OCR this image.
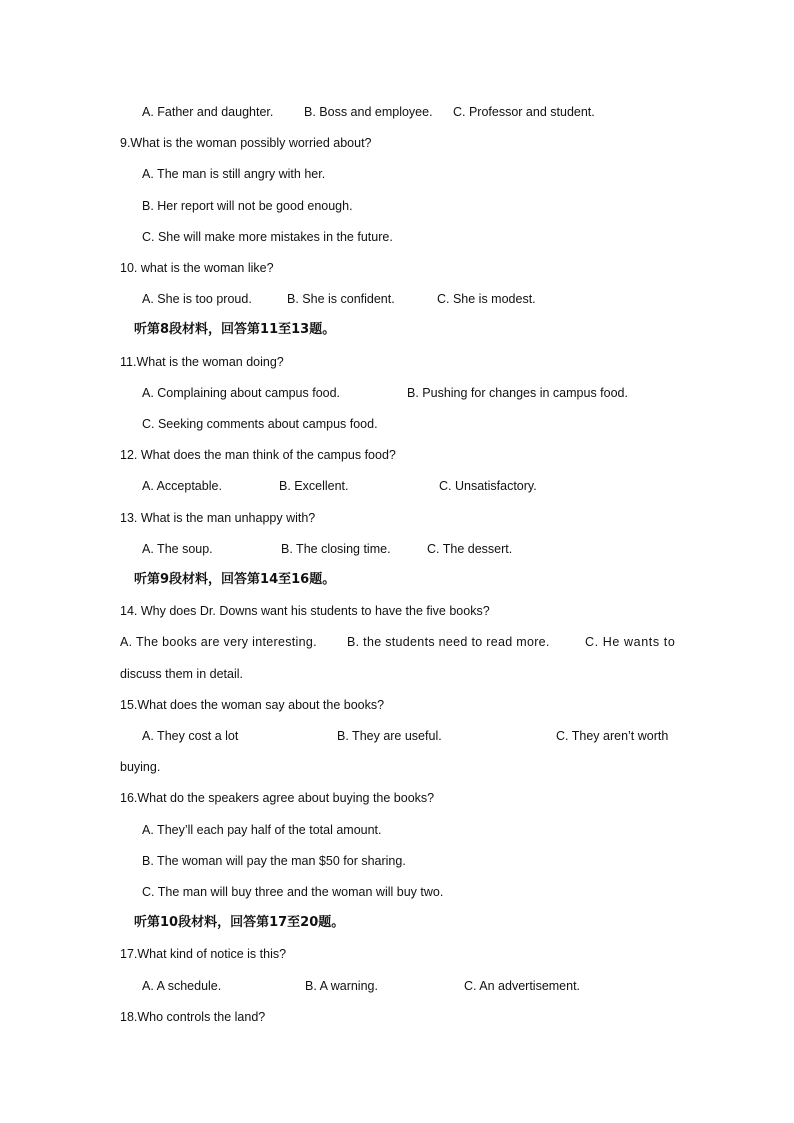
A. Father and daughter. B. Boss and employee. C. Professor and student.
9.What is the woman possibly worried about?
A. The man is still angry with her.
B. Her report will not be good enough.
C. She will make more mistakes in the future.
10. what is the woman like?
A. She is too proud.	B. She is confident.	C. She is modest.
听第8段材料，回答第11至13题。
11.What is the woman doing?
A. Complaining about campus food.	B. Pushing for changes in campus food.
C. Seeking comments about campus food.
12. What does the man think of the campus food?
A. Acceptable.	B. Excellent.	C. Unsatisfactory.
13. What is the man unhappy with?
A. The soup.	B. The closing time.	C. The dessert.
听第9段材料，回答第14至16题。
14. Why does Dr. Downs want his students to have the five books?
A. The books are very interesting. B. the students need to read more.	C. He wants to
discuss them in detail.
15.What does the woman say about the books?
A. They cost a lot	B. They are useful.	C. They aren’t worth
buying.
16.What do the speakers agree about buying the books?
A. They’ll each pay half of the total amount.
B. The woman will pay the man $50 for sharing.
C. The man will buy three and the woman will buy two.
听第10段材料，回答第17至20题。
17.What kind of notice is this?
A. A schedule.	B. A warning.	C. An advertisement.
18.Who controls the land?
